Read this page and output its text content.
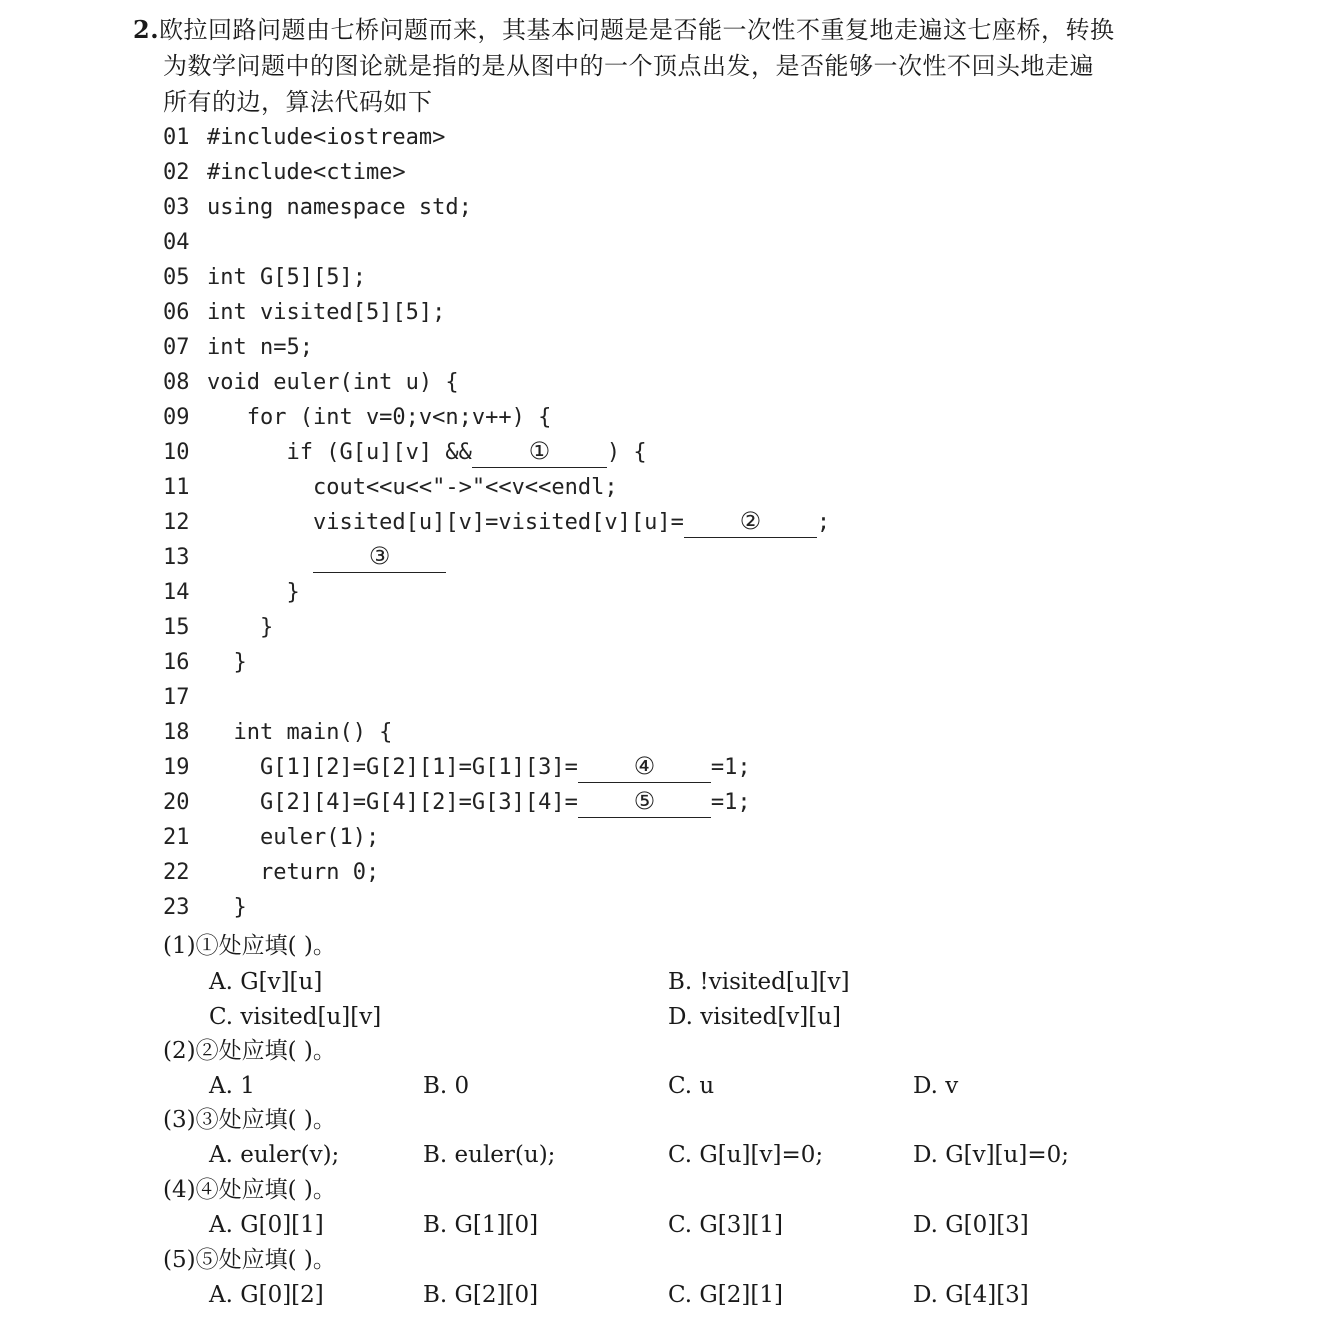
2.欧拉回路问题由七桥问题而来，其基本问题是是否能一次性不重复地走遍这七座桥，转换
为数学问题中的图论就是指的是从图中的一个顶点出发，是否能够一次性不回头地走遍
所有的边，算法代码如下
01 #include<iostream>
02 #include<ctime>
03 using namespace std;
04
05 int G[5][5];
06 int visited[5][5];
07 int n=5;
08 void euler(int u) {
09   for (int v=0;v<n;v++) {
10      if (G[u][v] && ①	) {
11        cout<<u<<"->"<<v<<endl;
12        visited[u][v]=visited[v][u]= ②	;
13	③
14      }
15    }
16  }
17
18  int main() {
19    G[1][2]=G[2][1]=G[1][3]= ④	=1;
20    G[2][4]=G[4][2]=G[3][4]= ⑤	=1;
21    euler(1);
22    return 0;
23  }
(1)①处应填( )。
A. G[v][u]	B. !visited[u][v]
C. visited[u][v]	D. visited[v][u]
(2)②处应填( )。
A. 1	B. 0	C. u	D. v
(3)③处应填( )。
A. euler(v);	B. euler(u);	C. G[u][v]=0;	D. G[v][u]=0;
(4)④处应填( )。
A. G[0][1]	B. G[1][0]	C. G[3][1]	D. G[0][3]
(5)⑤处应填( )。
A. G[0][2]	B. G[2][0]	C. G[2][1]	D. G[4][3]
